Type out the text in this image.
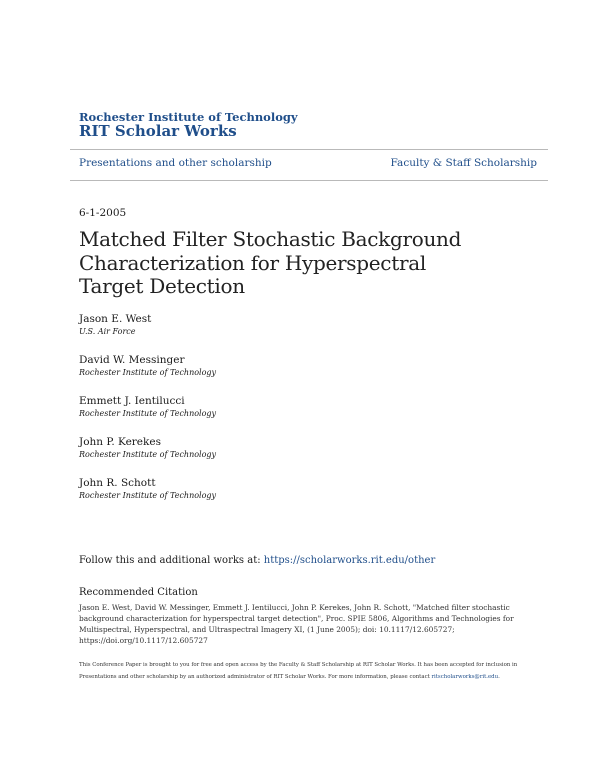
Rochester Institute of Technology
RIT Scholar Works
Presentations and other scholarship	Faculty & Staff Scholarship
6-1-2005
Matched Filter Stochastic Background Characterization for Hyperspectral Target Detection
Jason E. West
U.S. Air Force
David W. Messinger
Rochester Institute of Technology
Emmett J. Ientilucci
Rochester Institute of Technology
John P. Kerekes
Rochester Institute of Technology
John R. Schott
Rochester Institute of Technology
Follow this and additional works at: https://scholarworks.rit.edu/other
Recommended Citation
Jason E. West, David W. Messinger, Emmett J. Ientilucci, John P. Kerekes, John R. Schott, "Matched filter stochastic background characterization for hyperspectral target detection", Proc. SPIE 5806, Algorithms and Technologies for Multispectral, Hyperspectral, and Ultraspectral Imagery XI, (1 June 2005); doi: 10.1117/12.605727; https://doi.org/10.1117/12.605727
This Conference Paper is brought to you for free and open access by the Faculty & Staff Scholarship at RIT Scholar Works. It has been accepted for inclusion in Presentations and other scholarship by an authorized administrator of RIT Scholar Works. For more information, please contact ritscholarworks@rit.edu.
